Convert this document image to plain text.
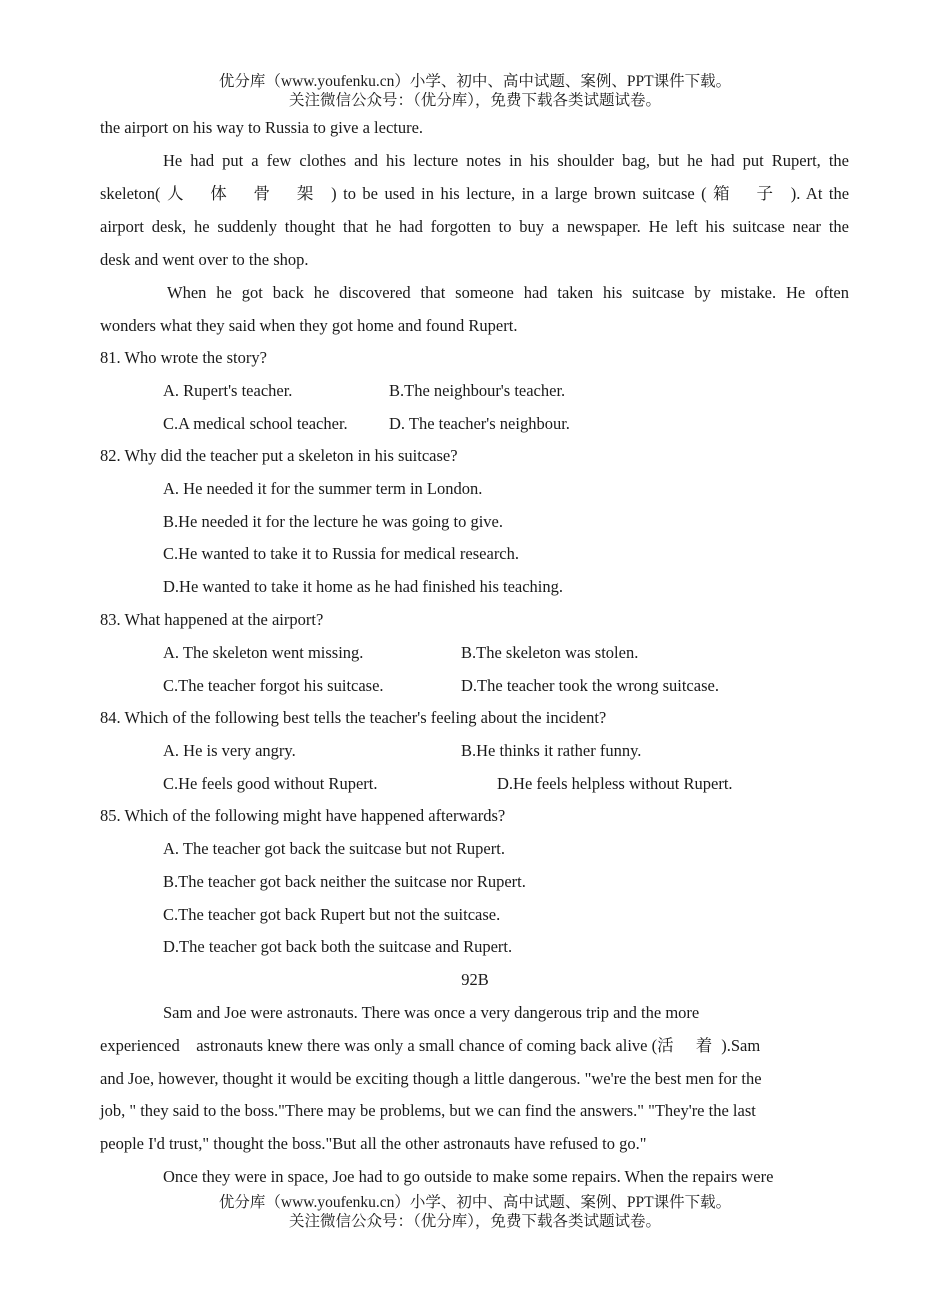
优分库（www.youfenku.cn）小学、初中、高中试题、案例、PPT课件下载。
关注微信公众号：（优分库），免费下载各类试题试卷。
the airport on his way to Russia to give a lecture.
He had put a few clothes and his lecture notes in his shoulder bag, but he had put Rupert, the
skeleton( 人 体 骨 架 ) to be used in his lecture, in a large brown suitcase ( 箱 子 ). At the
airport desk, he suddenly thought that he had forgotten to buy a newspaper. He left his suitcase near the
desk and went over to the shop.
When he got back he discovered that someone had taken his suitcase by mistake. He often
wonders what they said when they got home and found Rupert.
81. Who wrote the story?
A. Rupert's teacher.	B.The neighbour's teacher.
C.A medical school teacher.	D. The teacher's neighbour.
82. Why did the teacher put a skeleton in his suitcase?
A. He needed it for the summer term in London.
B.He needed it for the lecture he was going to give.
C.He wanted to take it to Russia for medical research.
D.He wanted to take it home as he had finished his teaching.
83. What happened at the airport?
A. The skeleton went missing.	B.The skeleton was stolen.
C.The teacher forgot his suitcase.	D.The teacher took the wrong suitcase.
84. Which of the following best tells the teacher's feeling about the incident?
A. He is very angry.	B.He thinks it rather funny.
C.He feels good without Rupert.	D.He feels helpless without Rupert.
85. Which of the following might have happened afterwards?
A. The teacher got back the suitcase but not Rupert.
B.The teacher got back neither the suitcase nor Rupert.
C.The teacher got back Rupert but not the suitcase.
D.The teacher got back both the suitcase and Rupert.
92B
Sam and Joe were astronauts. There was once a very dangerous trip and the more
experienced    astronauts knew there was only a small chance of coming back alive (活 着).Sam
and Joe, however, thought it would be exciting though a little dangerous. "we're the best men for the
job, " they said to the boss."There may be problems, but we can find the answers." "They're the last
people I'd trust," thought the boss."But all the other astronauts have refused to go."
Once they were in space, Joe had to go outside to make some repairs. When the repairs were
优分库（www.youfenku.cn）小学、初中、高中试题、案例、PPT课件下载。
关注微信公众号：（优分库），免费下载各类试题试卷。
